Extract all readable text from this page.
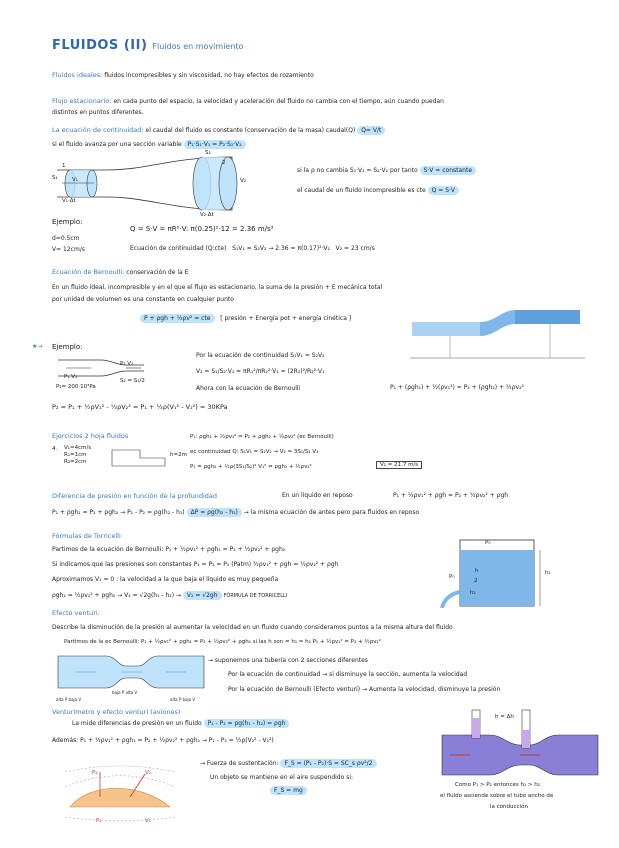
FLUIDOS (II) Fluidos en movimiento
Fluidos ideales: fluidos incompresibles y sin viscosidad, no hay efectos de rozamiento
Flujo estacionario: en cada punto del espacio, la velocidad y aceleración del fluido no cambia con el tiempo, aún cuando puedan
distintos en puntos diferentes.
La ecuación de continuidad: el caudal del fluido es constante (conservación de la masa) caudal(Q) Q= V/t
si el fluido avanza por una sección variable P₁·S₁·V₁ = P₂·S₂·V₂
S₁	V₁
1
V₁·Δt
S₂
V₂
2
V₂·Δt
si la ρ no cambia S₁·V₁ = S₂·V₂ por tanto S·V = constante
el caudal de un fluido incompresible es cte Q = S·V
Ejemplo:
d=0.5cm
V= 12cm/s
Q = S·V = πR²·V: π(0.25)²·12 = 2.36 m/s³
Ecuación de continuidad (Q:cte) S₁V₁ = S₂V₂ → 2.36 = π(0.17)²·V₂ V₂ = 23 cm/s
Ecuación de Bernoulli: conservación de la E
En un fluido ideal, incompresible y en el que el flujo es estacionario, la suma de la presión + E mecánica total
por unidad de volumen es una constante en cualquier punto
P + ρgh + ½ρv² = cte [ presión + Energía pot + energía cinética ]
★→ Ejemplo:
P₂ V₂
P₁ V₁
P₁= 200·10³Pa
S₂ = S₁/2
Por la ecuación de continuidad S₁V₁ = S₂V₂
V₂ = S₁/S₂·V₁ = πR₁²/πR₂²·V₁ = (2R₂)²/R₂²·V₁
Ahora con la ecuación de Bernoulli	P₁ + (ρgh₁) + ½(ρv₁²) = P₂ + (ρgh₂) + ½ρv₂²
P₂ = P₁ + ½ρV₁² - ½ρV₂² = P₁ + ½ρ(V₁² - V₂²) = 30KPa
Ejercicios 2 hoja fluidos
4. V₁=4cm/s
R₁=1cm
R₂=2cm
h=2m
P₁: ρgh₁ + ½ρv₁² = P₂ + ρgh₂ + ½ρv₂² (ec Bernoulli)
ec continuidad Q: S₁V₁ = S₂V₂ → V₂ = 3S₁/S₂ V₁
P₁ = ρgh₂ + ½ρ(3S₁/S₂)² V₁² = ρgh₂ + ½ρv₂²	V₂ = 21.7 m/s
Diferencia de presión en función de la profundidad	En un líquido en reposo	P₁ + ½ρv₁² + ρgh = P₂ + ½ρv₂² + ρgh
P₁ + ρgh₁ = P₂ + ρgh₂ → P₁ - P₂ = ρg(h₂ - h₁) ΔP = ρg(h₂ - h₁) → la misma ecuación de antes pero para fluidos en reposo
Fórmulas de Torricelli
Partimos de la ecuación de Bernoulli: P₁ + ½ρv₁² + ρgh₁ = P₂ + ½ρv₂² + ρgh₂
Si indicamos que las presiones son constantes P₁ = P₂ = P₀ (Patm) ½ρv₁² + ρgh = ½ρv₂² + ρgh
Aproximamos V₁ = 0 : la velocidad a la que baja el líquido es muy pequeña
ρgh₁ = ½ρv₂² + ρgh₂ → V₂ = √2g(h₁ - h₂) → V₂ = √2gh FÓRMULA DE TORRICELLI
P₀
1
P₀
2
h	h₁
h₂
Efecto venturi:
Describe la disminución de la presión al aumentar la velocidad en un fluido cuando consideramos puntos a la misma altura del fluido
Partimos de la ec Bernoulli: P₁ + ½ρv₁² + ρgh₁ = P₂ + ½ρv₂² + ρgh₂ si las h son = h₁ = h₂ P₁ + ½ρv₁² = P₂ + ½ρv₂²
alta P baja V
baja P alta V
alta P baja V
→ suponemos una tubería con 2 secciones diferentes
Por la ecuación de continuidad → si disminuye la sección, aumenta la velocidad
Por la ecuación de Bernoulli (Efecto venturi) → Aumenta la velocidad, disminuye la presión
Venturímetro y efecto venturi (aviones)
La mide diferencias de presión en un fluido P₁ - P₂ = ρg(h₁ - h₂) = ρgh
Además: P₁ + ½ρv₁² + ρgh₁ = P₂ + ½ρv₂² + ρgh₂ → P₁ - P₂ = ½ρ(V₂² - V₁²)
→ Fuerza de sustentación: F_S = (P₁ - P₂)·S = SC_s ρv²/2
Un objeto se mantiene en el aire suspendido si:
F_S = mg
P₂	V₂
P₁	V₁
h = Δh
Como P₁ > P₂ entonces h₁ > h₂
el fluido asciende sobre el tubo ancho de
la conducción
